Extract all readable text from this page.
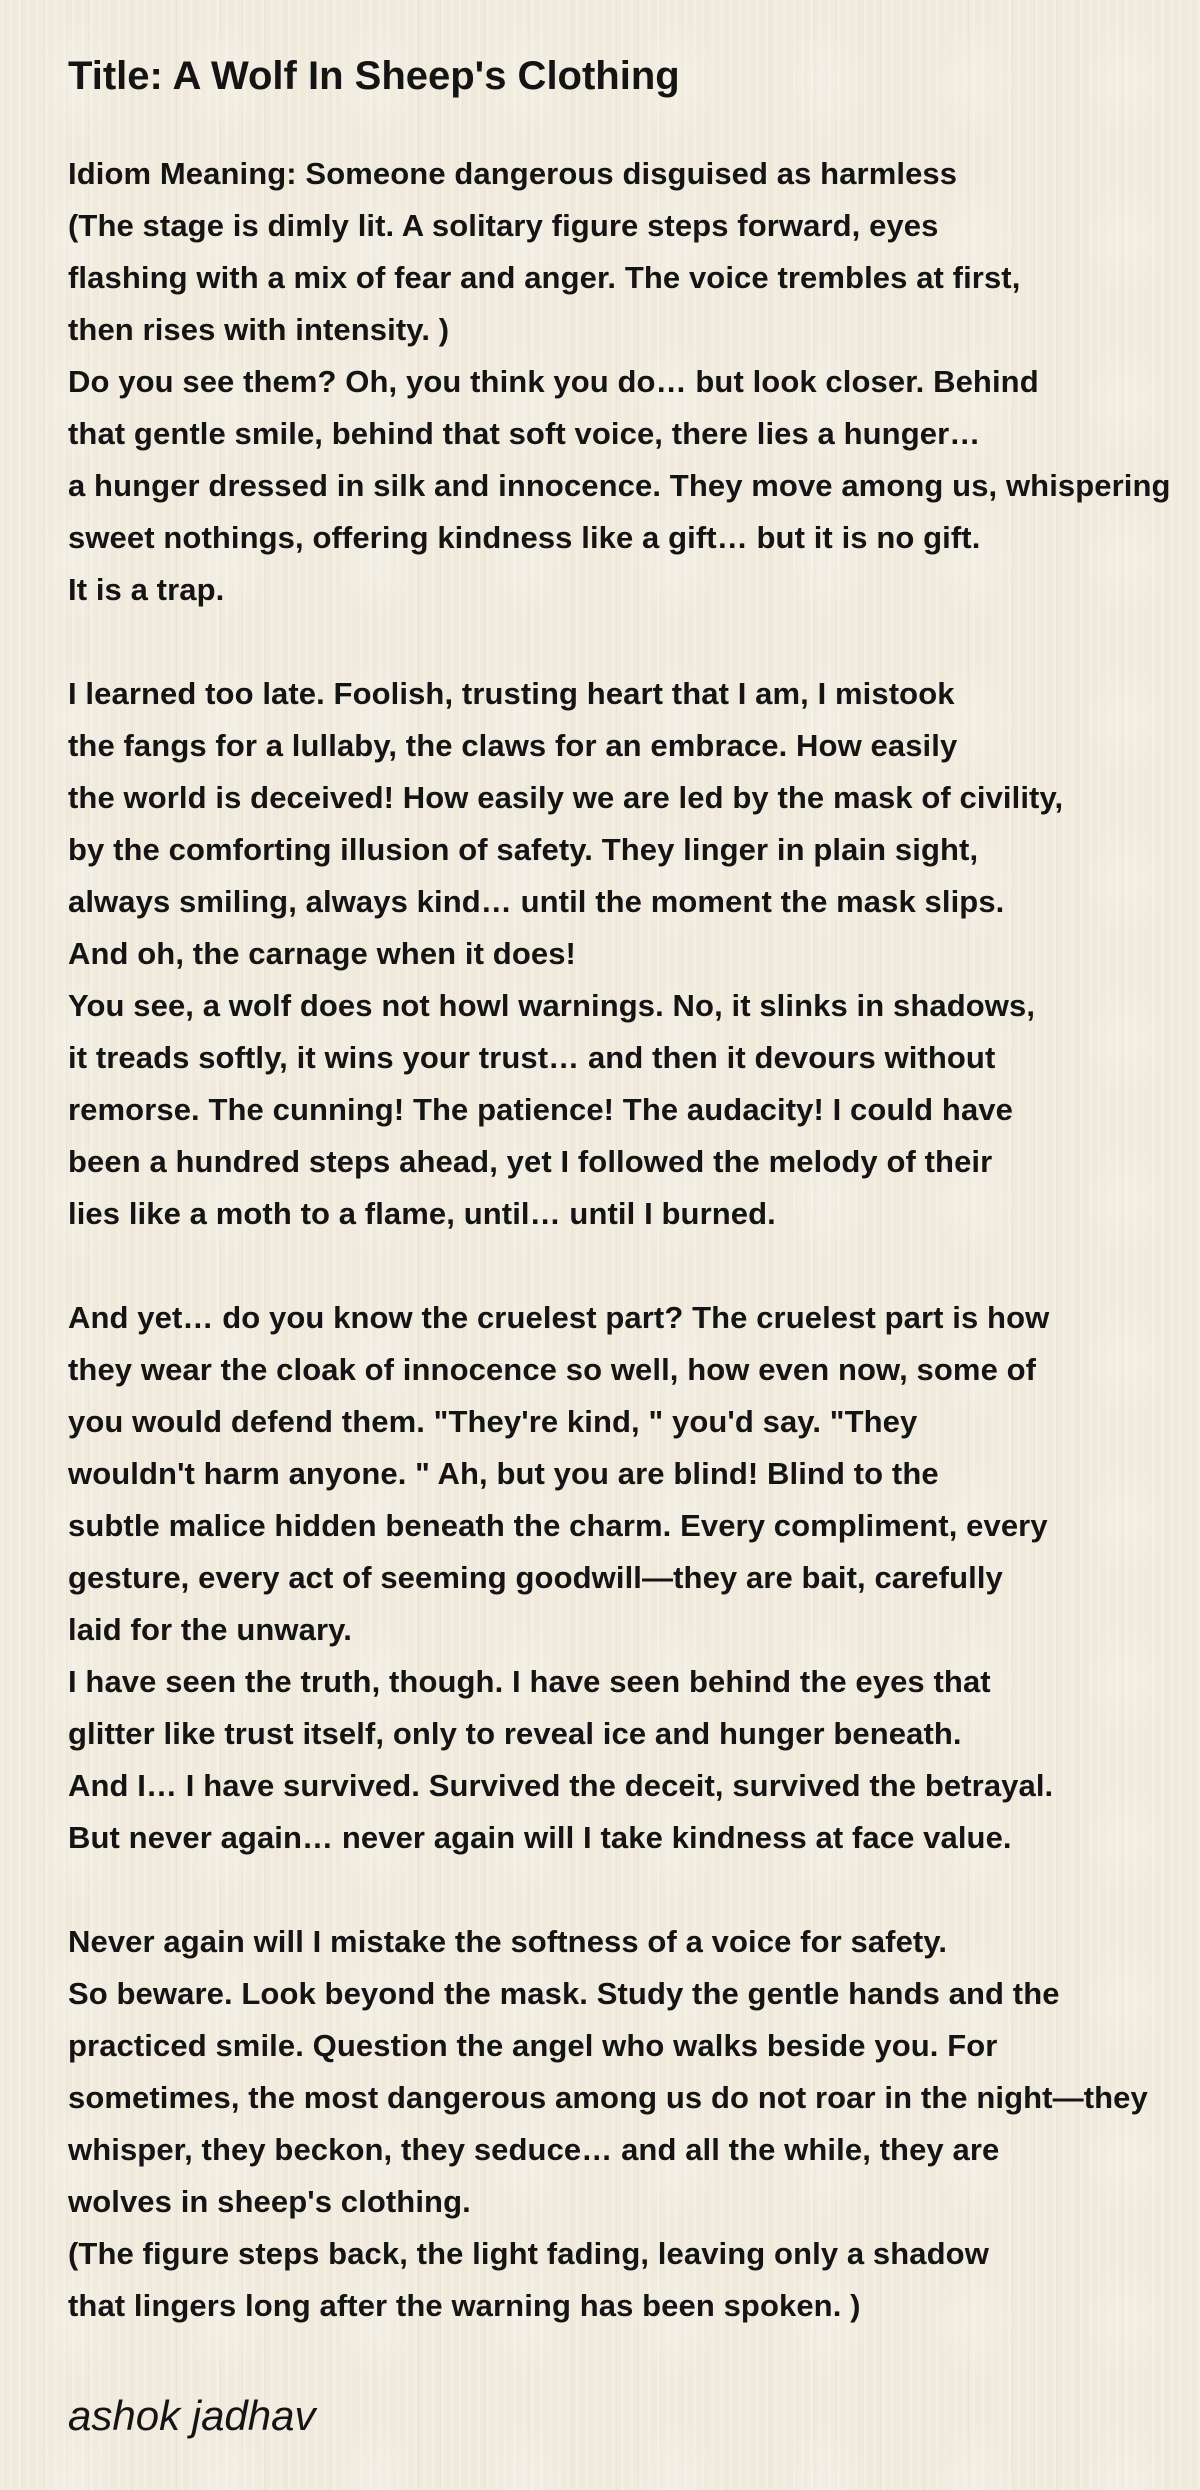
Title: A Wolf In Sheep's Clothing
Idiom Meaning: Someone dangerous disguised as harmless
(The stage is dimly lit. A solitary figure steps forward, eyes
flashing with a mix of fear and anger. The voice trembles at first,
then rises with intensity. )
Do you see them? Oh, you think you do… but look closer. Behind
that gentle smile, behind that soft voice, there lies a hunger…
a hunger dressed in silk and innocence. They move among us, whispering
sweet nothings, offering kindness like a gift… but it is no gift.
It is a trap.
I learned too late. Foolish, trusting heart that I am, I mistook
the fangs for a lullaby, the claws for an embrace. How easily
the world is deceived! How easily we are led by the mask of civility,
by the comforting illusion of safety. They linger in plain sight,
always smiling, always kind… until the moment the mask slips.
And oh, the carnage when it does!
You see, a wolf does not howl warnings. No, it slinks in shadows,
it treads softly, it wins your trust… and then it devours without
remorse. The cunning! The patience! The audacity! I could have
been a hundred steps ahead, yet I followed the melody of their
lies like a moth to a flame, until… until I burned.
And yet… do you know the cruelest part? The cruelest part is how
they wear the cloak of innocence so well, how even now, some of
you would defend them. "They're kind, " you'd say. "They
wouldn't harm anyone. " Ah, but you are blind! Blind to the
subtle malice hidden beneath the charm. Every compliment, every
gesture, every act of seeming goodwill—they are bait, carefully
laid for the unwary.
I have seen the truth, though. I have seen behind the eyes that
glitter like trust itself, only to reveal ice and hunger beneath.
And I… I have survived. Survived the deceit, survived the betrayal.
But never again… never again will I take kindness at face value.
Never again will I mistake the softness of a voice for safety.
So beware. Look beyond the mask. Study the gentle hands and the
practiced smile. Question the angel who walks beside you. For
sometimes, the most dangerous among us do not roar in the night—they
whisper, they beckon, they seduce… and all the while, they are
wolves in sheep's clothing.
(The figure steps back, the light fading, leaving only a shadow
that lingers long after the warning has been spoken. )
ashok jadhav
